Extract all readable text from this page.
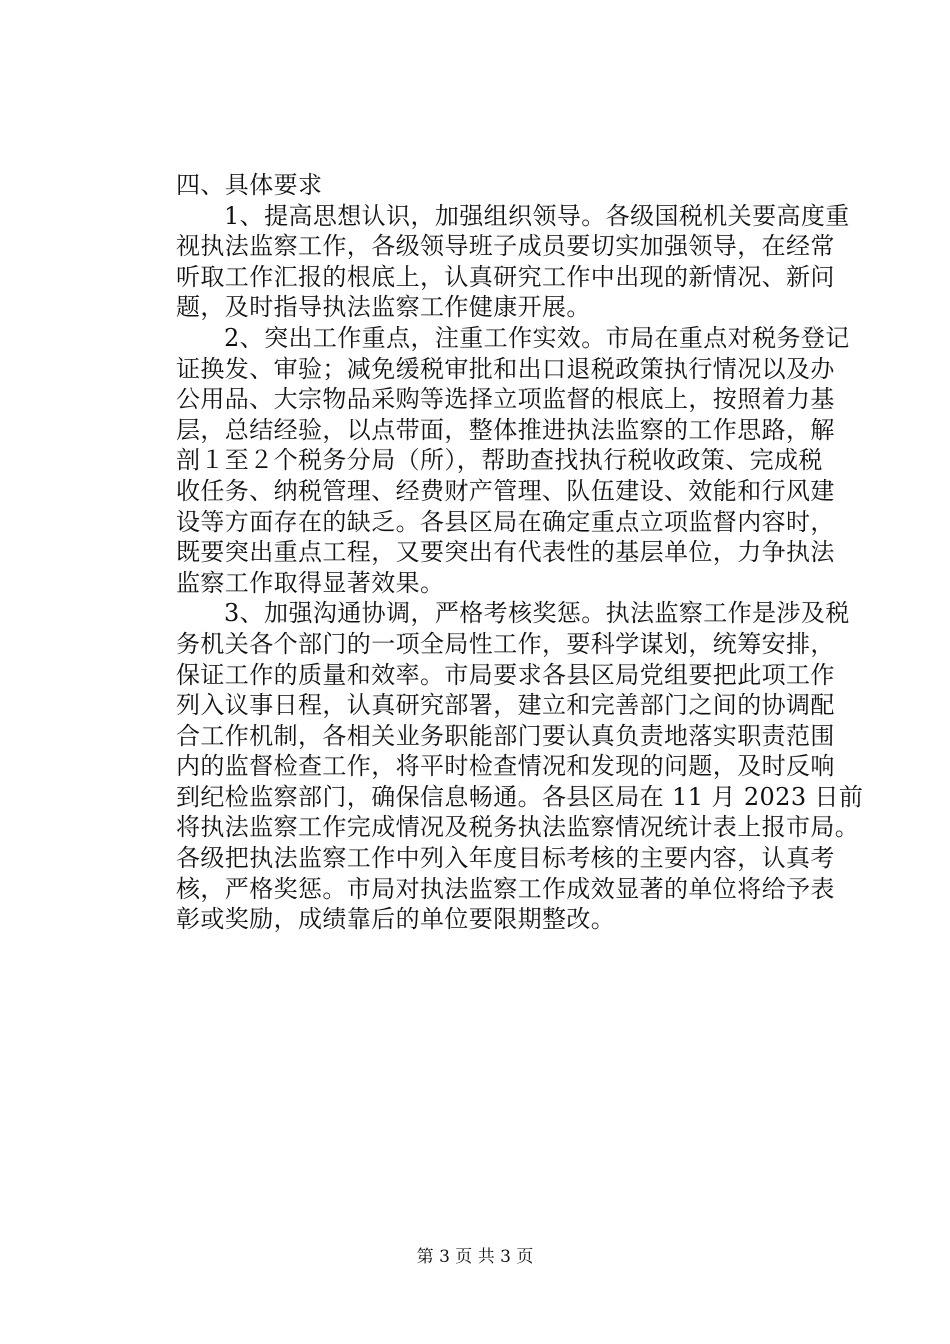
四、具体要求

1、提高思想认识，加强组织领导。各级国税机关要高度重
视执法监察工作，各级领导班子成员要切实加强领导，在经常
听取工作汇报的根底上，认真研究工作中出现的新情况、新问
题，及时指导执法监察工作健康开展。
2、突出工作重点，注重工作实效。市局在重点对税务登记
证换发、审验；减免缓税审批和出口退税政策执行情况以及办
公用品、大宗物品采购等选择立项监督的根底上，按照着力基
层，总结经验，以点带面，整体推进执法监察的工作思路，解
剖１至２个税务分局（所），帮助查找执行税收政策、完成税
收任务、纳税管理、经费财产管理、队伍建设、效能和行风建
设等方面存在的缺乏。各县区局在确定重点立项监督内容时，
既要突出重点工程，又要突出有代表性的基层单位，力争执法
监察工作取得显著效果。
3、加强沟通协调，严格考核奖惩。执法监察工作是涉及税
务机关各个部门的一项全局性工作，要科学谋划，统筹安排，
保证工作的质量和效率。市局要求各县区局党组要把此项工作
列入议事日程，认真研究部署，建立和完善部门之间的协调配
合工作机制，各相关业务职能部门要认真负责地落实职责范围
内的监督检查工作，将平时检查情况和发现的问题，及时反响
到纪检监察部门，确保信息畅通。各县区局在 11 月 2023 日前
将执法监察工作完成情况及税务执法监察情况统计表上报市局。
各级把执法监察工作中列入年度目标考核的主要内容，认真考
核，严格奖惩。市局对执法监察工作成效显著的单位将给予表
彰或奖励，成绩靠后的单位要限期整改。
第 3 页 共 3 页
